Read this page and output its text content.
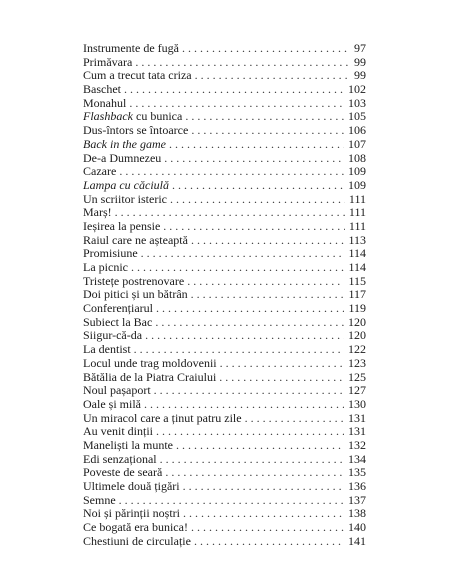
Instrumente de fugă . . .	97
Primăvara . . .	99
Cum a trecut tata criza . . .	99
Baschet . . .	102
Monahul . . .	103
Flashback cu bunica . . .	105
Dus-întors se întoarce . . .	106
Back in the game . . .	107
De-a Dumnezeu . . .	108
Cazare . . .	109
Lampa cu căciulă . . .	109
Un scriitor isteric . . .	111
Marș! . . .	111
Ieșirea la pensie . . .	111
Raiul care ne așteaptă . . .	113
Promisiune . . .	114
La picnic . . .	114
Tristețe postrenovare . . .	115
Doi pitici și un bătrân . . .	117
Conferențiarul . . .	119
Subiect la Bac . . .	120
Siigur-că-da . . .	120
La dentist . . .	122
Locul unde trag moldovenii . . .	123
Bătălia de la Piatra Craiului . . .	125
Noul pașaport . . .	127
Oale și milă . . .	130
Un miracol care a ținut patru zile . . .	131
Au venit dinții . . .	131
Maneliști la munte . . .	132
Edi senzațional . . .	134
Poveste de seară . . .	135
Ultimele două țigări . . .	136
Semne . . .	137
Noi și părinții noștri . . .	138
Ce bogată era bunica! . . .	140
Chestiuni de circulație . . .	141
